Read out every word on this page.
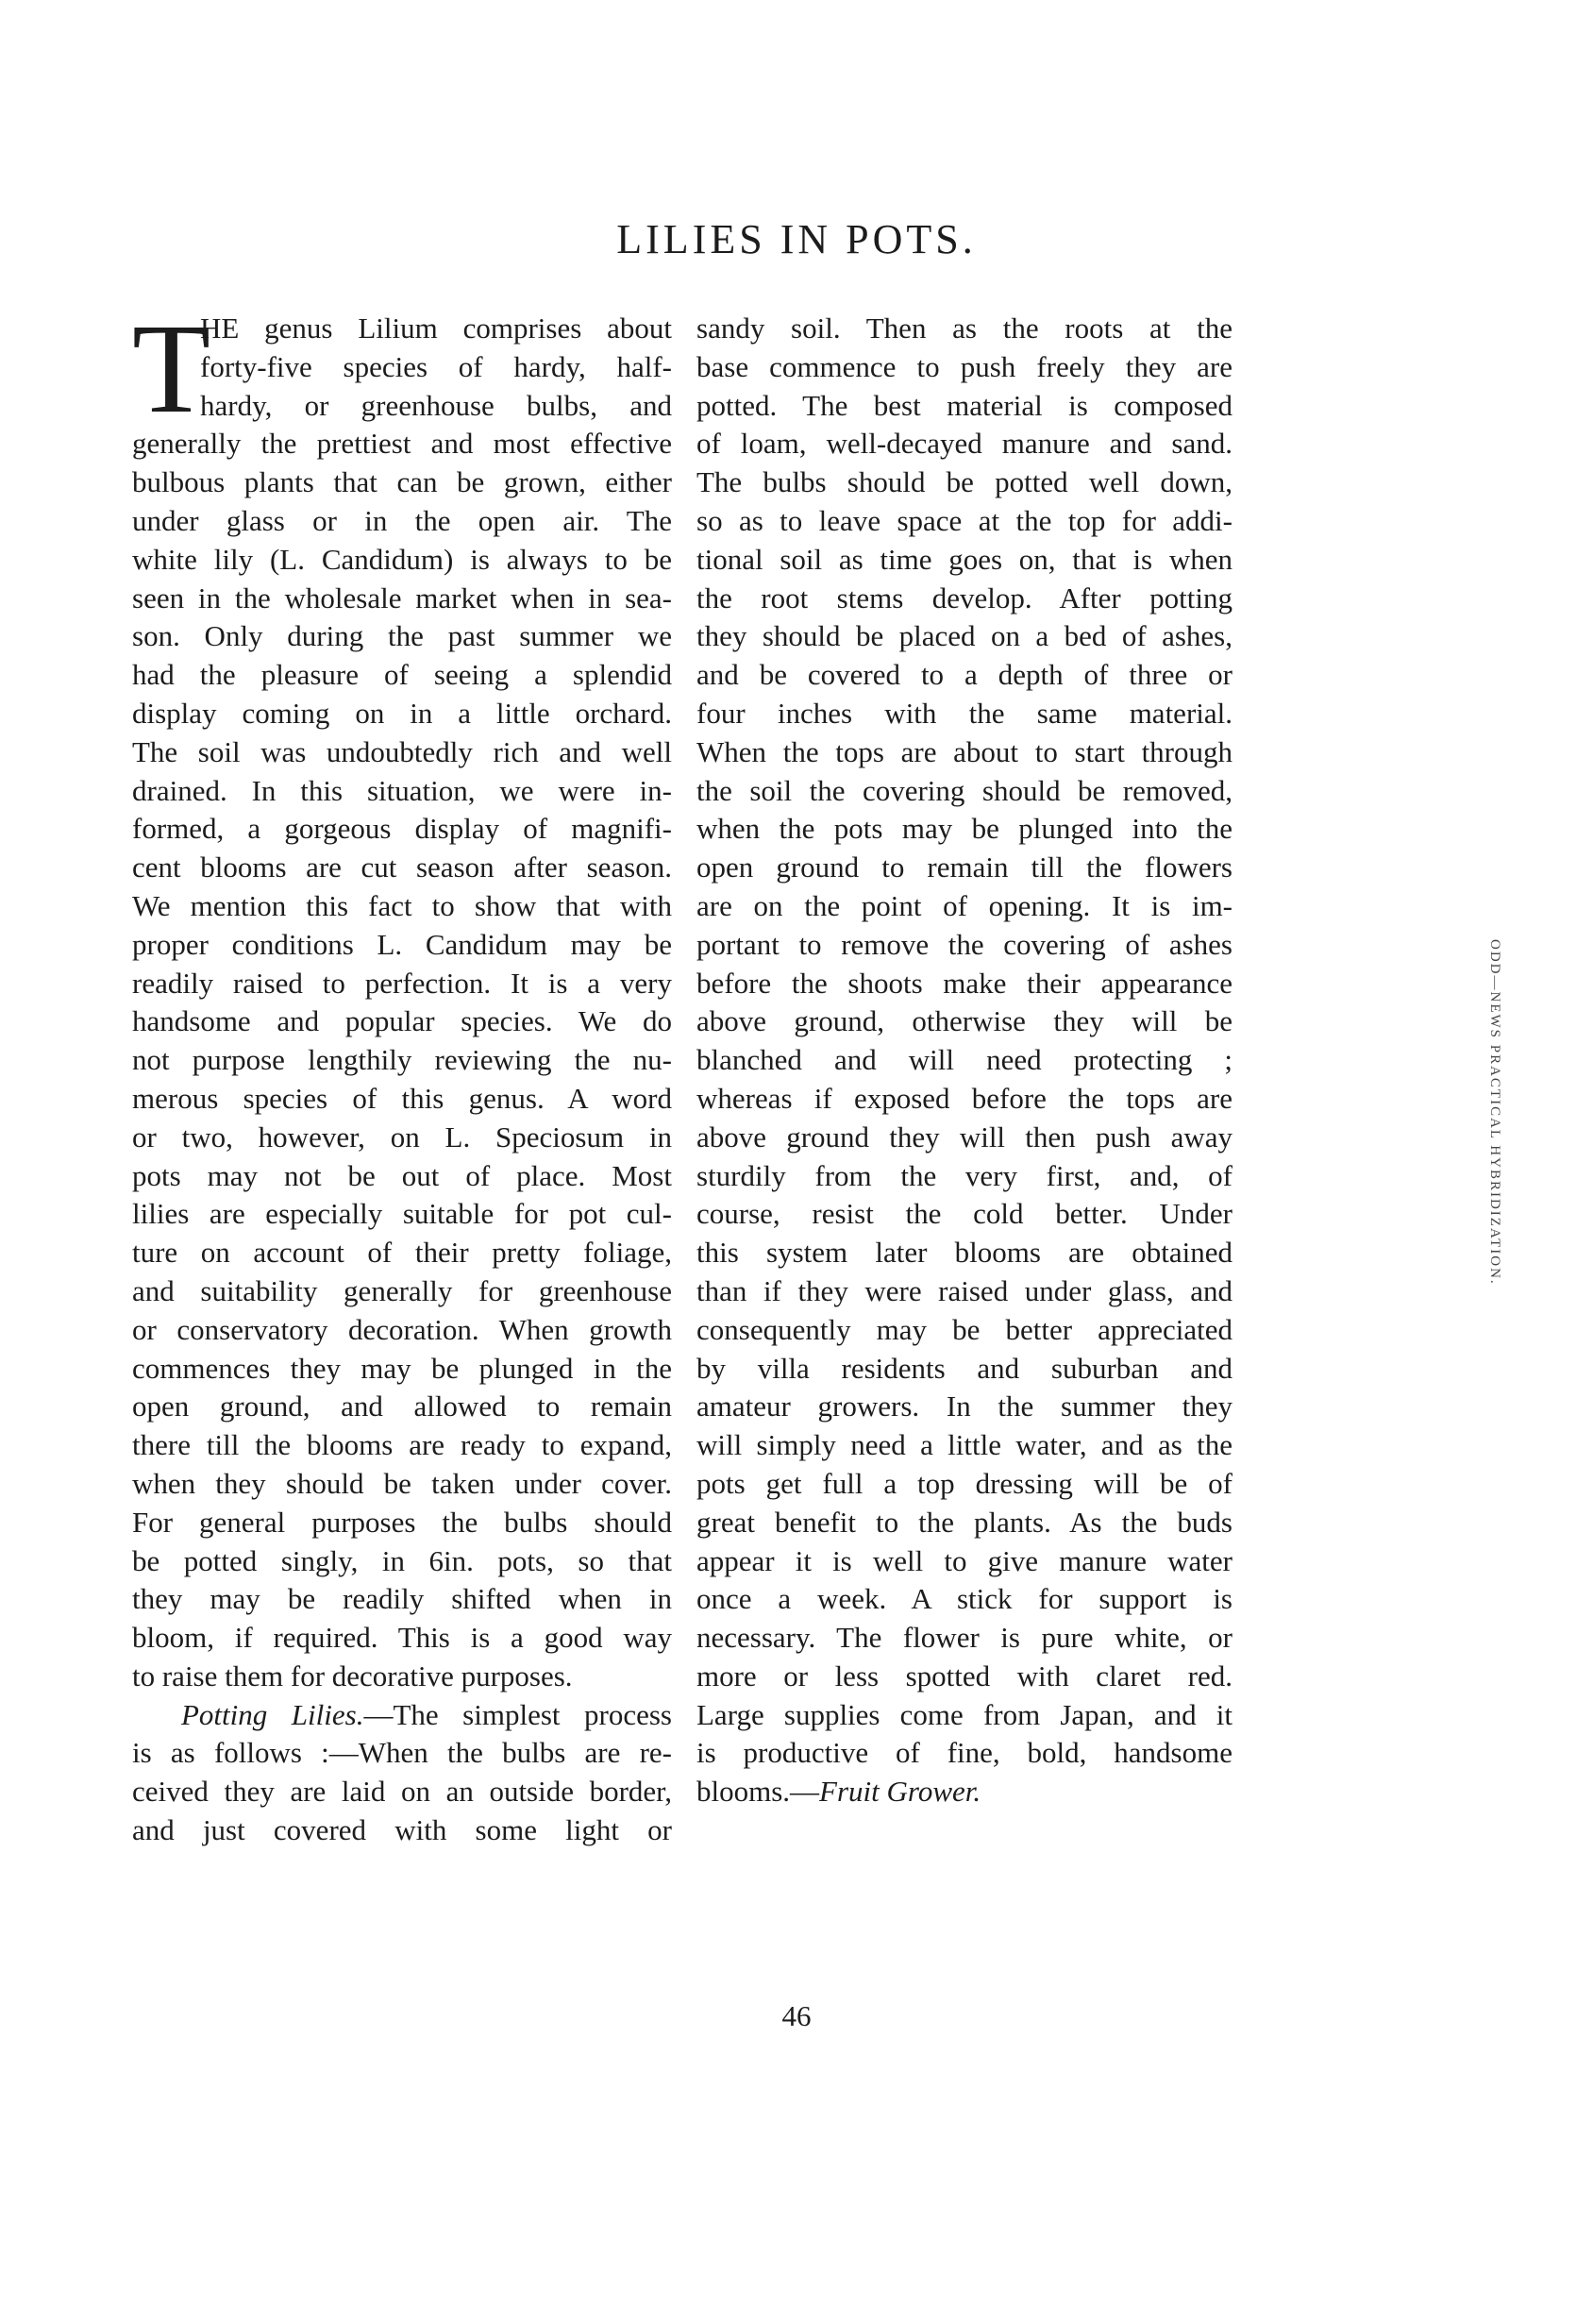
LILIES IN POTS.
T
HE genus Lilium comprises about
forty-five species of hardy, half-
hardy, or greenhouse bulbs, and
generally the prettiest and most effective
bulbous plants that can be grown, either
under glass or in the open air. The
white lily (L. Candidum) is always to be
seen in the wholesale market when in sea-
son. Only during the past summer we
had the pleasure of seeing a splendid
display coming on in a little orchard.
The soil was undoubtedly rich and well
drained. In this situation, we were in-
formed, a gorgeous display of magnifi-
cent blooms are cut season after season.
We mention this fact to show that with
proper conditions L. Candidum may be
readily raised to perfection. It is a very
handsome and popular species. We do
not purpose lengthily reviewing the nu-
merous species of this genus. A word
or two, however, on L. Speciosum in
pots may not be out of place. Most
lilies are especially suitable for pot cul-
ture on account of their pretty foliage,
and suitability generally for greenhouse
or conservatory decoration. When growth
commences they may be plunged in the
open ground, and allowed to remain
there till the blooms are ready to expand,
when they should be taken under cover.
For general purposes the bulbs should
be potted singly, in 6in. pots, so that
they may be readily shifted when in
bloom, if required. This is a good way
to raise them for decorative purposes.
Potting Lilies.—The simplest process
is as follows :—When the bulbs are re-
ceived they are laid on an outside border,
and just covered with some light or
sandy soil. Then as the roots at the
base commence to push freely they are
potted. The best material is composed
of loam, well-decayed manure and sand.
The bulbs should be potted well down,
so as to leave space at the top for addi-
tional soil as time goes on, that is when
the root stems develop. After potting
they should be placed on a bed of ashes,
and be covered to a depth of three or
four inches with the same material.
When the tops are about to start through
the soil the covering should be removed,
when the pots may be plunged into the
open ground to remain till the flowers
are on the point of opening. It is im-
portant to remove the covering of ashes
before the shoots make their appearance
above ground, otherwise they will be
blanched and will need protecting ;
whereas if exposed before the tops are
above ground they will then push away
sturdily from the very first, and, of
course, resist the cold better. Under
this system later blooms are obtained
than if they were raised under glass, and
consequently may be better appreciated
by villa residents and suburban and
amateur growers. In the summer they
will simply need a little water, and as the
pots get full a top dressing will be of
great benefit to the plants. As the buds
appear it is well to give manure water
once a week. A stick for support is
necessary. The flower is pure white, or
more or less spotted with claret red.
Large supplies come from Japan, and it
is productive of fine, bold, handsome
blooms.—Fruit Grower.
ODD—NEWS PRACTICAL HYBRIDIZATION.
46
